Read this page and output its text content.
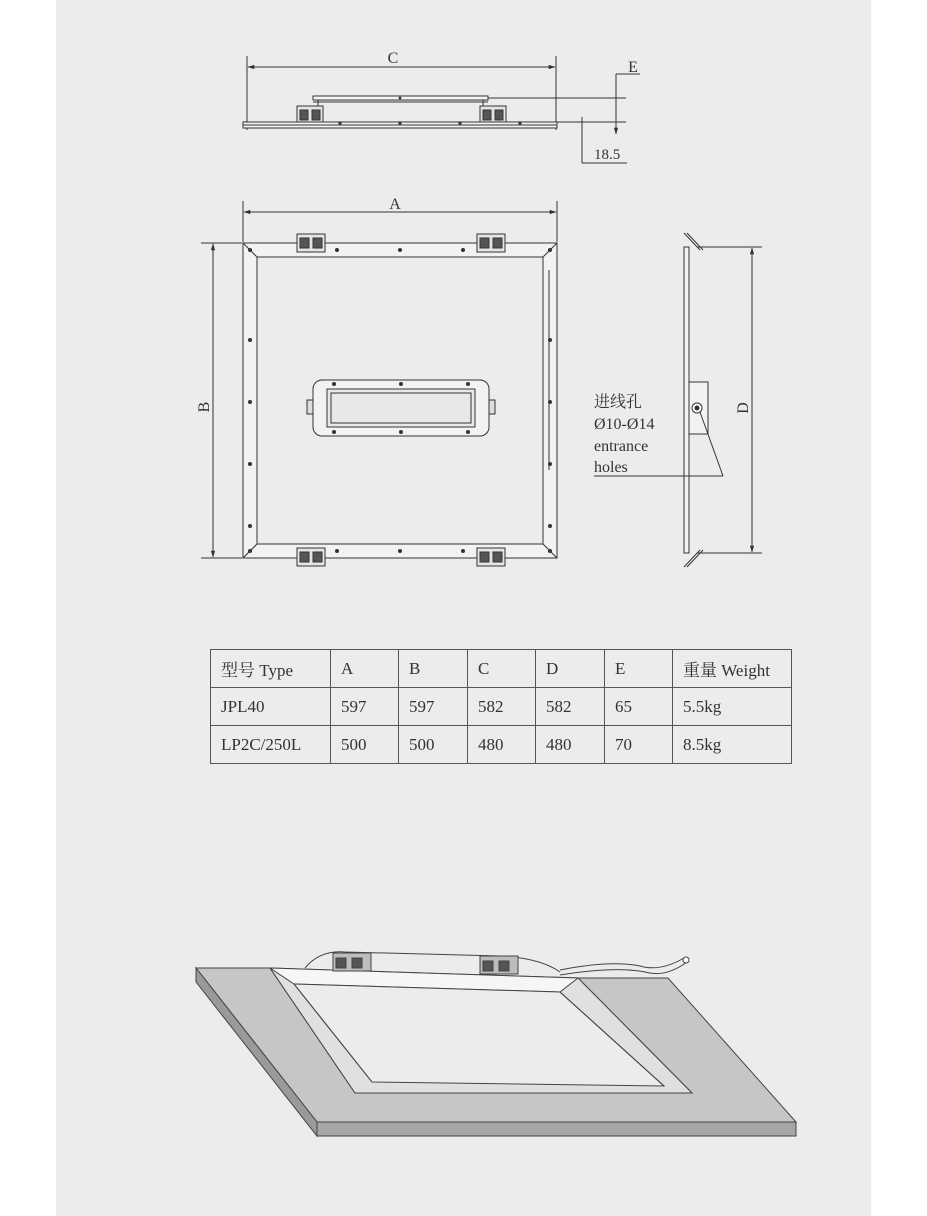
C
E
18.5
A
B	D
进线孔
Ø10-Ø14
entrance
holes
型号 Type	A	B	C	D	E	重量 Weight
JPL40	597	597	582	582	65	5.5kg
LP2C/250L	500	500	480	480	70	8.5kg
